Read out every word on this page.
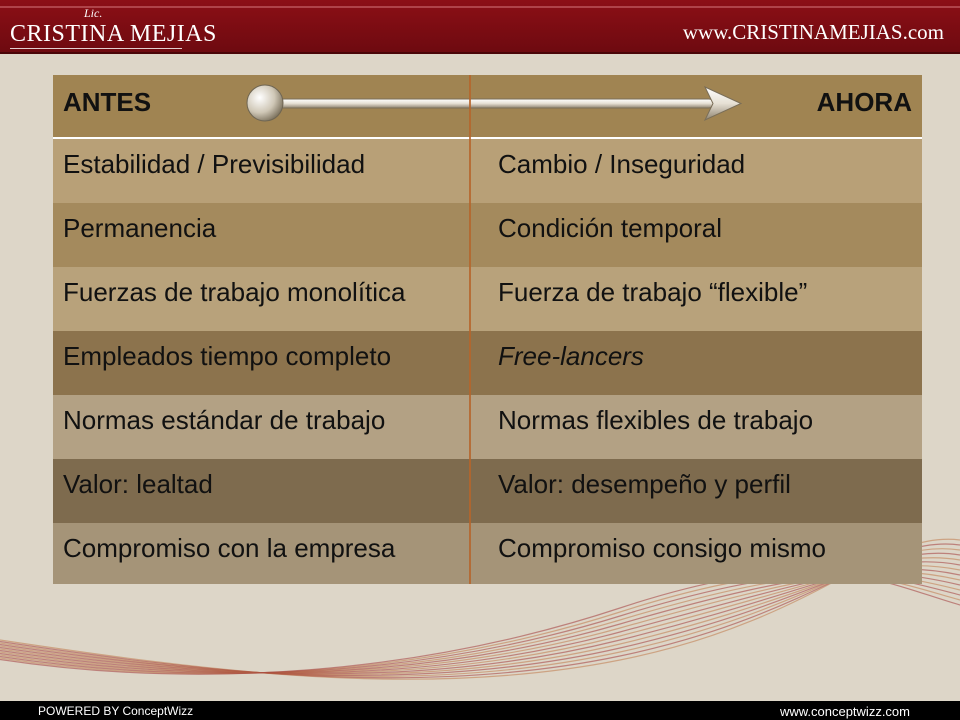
Lic.
CRISTINA MEJIAS	www.CRISTINAMEJIAS.com
ANTES	AHORA
Estabilidad / Previsibilidad	Cambio / Inseguridad
Permanencia	Condición temporal
Fuerzas de trabajo monolítica	Fuerza de trabajo “flexible”
Empleados tiempo completo	Free-lancers
Normas estándar de trabajo	Normas flexibles de trabajo
Valor: lealtad	Valor: desempeño y perfil
Compromiso con la empresa	Compromiso consigo mismo
POWERED BY ConceptWizz	www.conceptwizz.com
